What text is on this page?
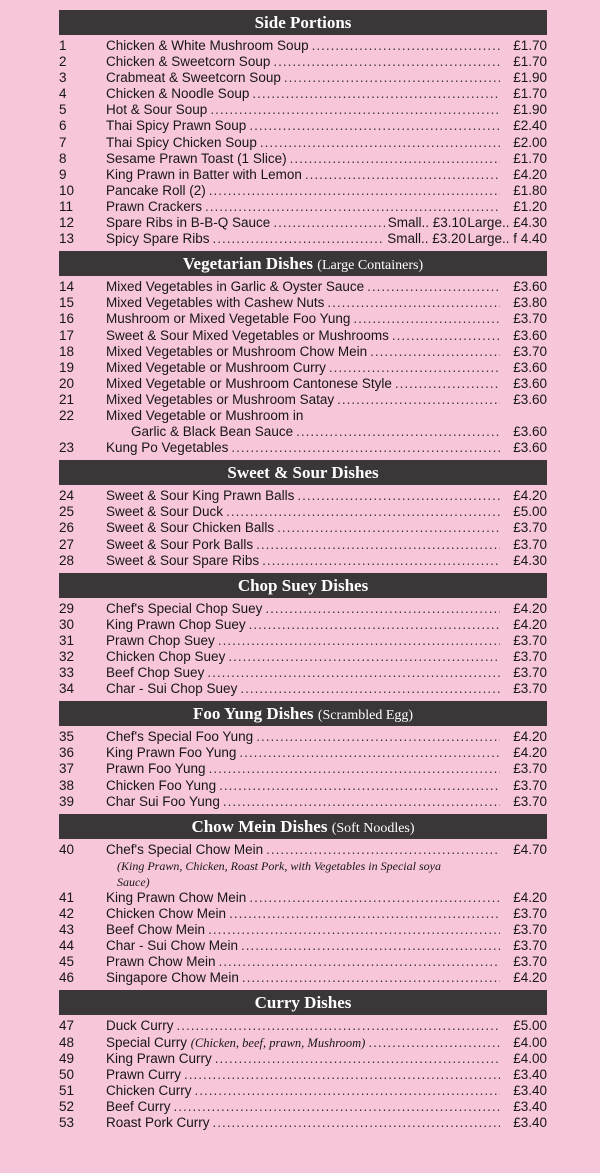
Side Portions
1	Chicken & White Mushroom Soup .....	£1.70
2	Chicken & Sweetcorn Soup .....	£1.70
3	Crabmeat & Sweetcorn Soup .....	£1.90
4	Chicken & Noodle Soup .....	£1.70
5	Hot & Sour Soup .....	£1.90
6	Thai Spicy Prawn Soup .....	£2.40
7	Thai Spicy Chicken Soup .....	£2.00
8	Sesame Prawn Toast (1 Slice) .....	£1.70
9	King Prawn in Batter with Lemon .....	£4.20
10	Pancake Roll (2) .....	£1.80
11	Prawn Crackers .....	£1.20
12	Spare Ribs in B-B-Q Sauce .....	Small.. £3.10 Large.. £4.30
13	Spicy Spare Ribs .....	Small.. £3.20 Large.. f 4.40
Vegetarian Dishes (Large Containers)
14	Mixed Vegetables in Garlic & Oyster Sauce .....	£3.60
15	Mixed Vegetables with Cashew Nuts .....	£3.80
16	Mushroom or Mixed Vegetable Foo Yung .....	£3.70
17	Sweet & Sour Mixed Vegetables or Mushrooms .....	£3.60
18	Mixed Vegetables or Mushroom Chow Mein .....	£3.70
19	Mixed Vegetable or Mushroom Curry .....	£3.60
20	Mixed Vegetable or Mushroom Cantonese Style .....	£3.60
21	Mixed Vegetables or Mushroom Satay .....	£3.60
22	Mixed Vegetable or Mushroom in
Garlic & Black Bean Sauce .....	£3.60
23	Kung Po Vegetables .....	£3.60
Sweet & Sour Dishes
24	Sweet & Sour King Prawn Balls .....	£4.20
25	Sweet & Sour Duck .....	£5.00
26	Sweet & Sour Chicken Balls .....	£3.70
27	Sweet & Sour Pork Balls .....	£3.70
28	Sweet & Sour Spare Ribs .....	£4.30
Chop Suey Dishes
29	Chef's Special Chop Suey .....	£4.20
30	King Prawn Chop Suey .....	£4.20
31	Prawn Chop Suey .....	£3.70
32	Chicken Chop Suey .....	£3.70
33	Beef Chop Suey .....	£3.70
34	Char - Sui Chop Suey .....	£3.70
Foo Yung Dishes (Scrambled Egg)
35	Chef's Special Foo Yung .....	£4.20
36	King Prawn Foo Yung .....	£4.20
37	Prawn Foo Yung .....	£3.70
38	Chicken Foo Yung .....	£3.70
39	Char Sui Foo Yung .....	£3.70
Chow Mein Dishes (Soft Noodles)
40	Chef's Special Chow Mein .....	£4.70
(King Prawn, Chicken, Roast Pork, with Vegetables in Special soya Sauce)
41	King Prawn Chow Mein .....	£4.20
42	Chicken Chow Mein .....	£3.70
43	Beef Chow Mein .....	£3.70
44	Char - Sui Chow Mein .....	£3.70
45	Prawn Chow Mein .....	£3.70
46	Singapore Chow Mein .....	£4.20
Curry Dishes
47	Duck Curry .....	£5.00
48	Special Curry (Chicken, beef, prawn, Mushroom) .....	£4.00
49	King Prawn Curry .....	£4.00
50	Prawn Curry .....	£3.40
51	Chicken Curry .....	£3.40
52	Beef Curry .....	£3.40
53	Roast Pork Curry .....	£3.40
